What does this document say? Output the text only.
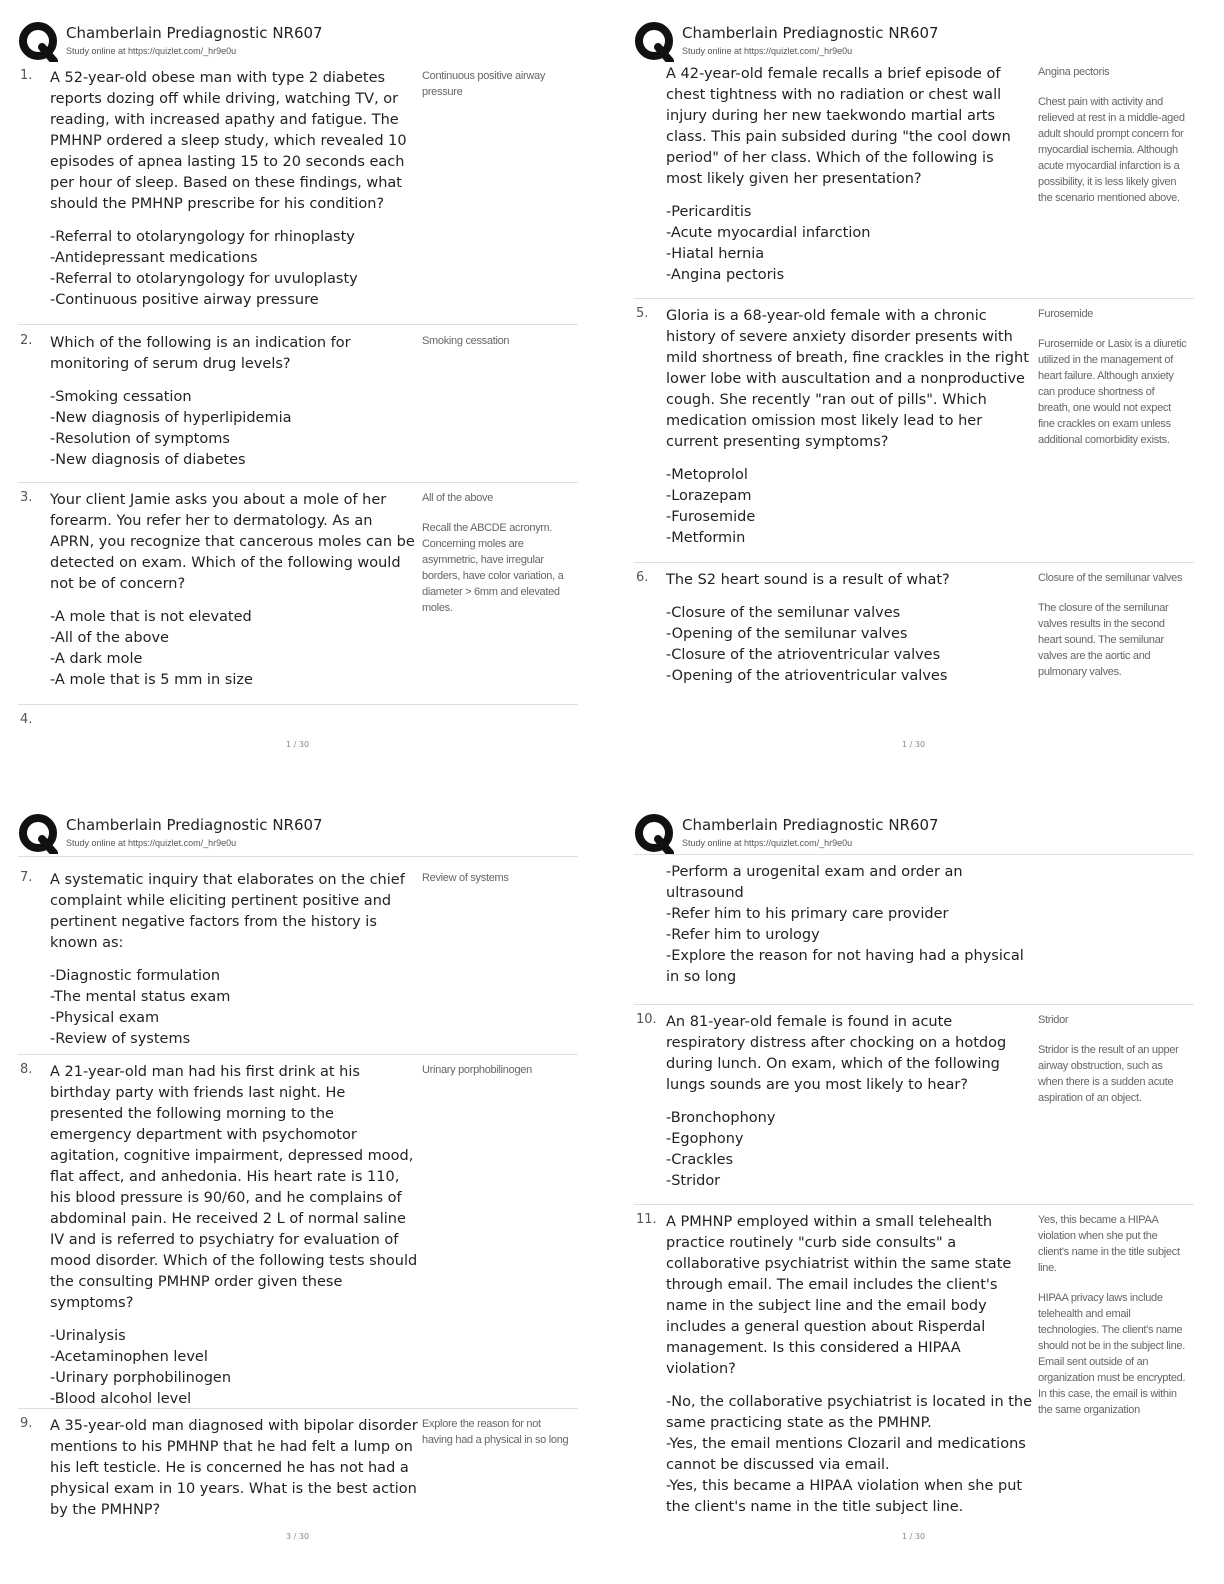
Chamberlain Prediagnostic NR607
Study online at https://quizlet.com/_hr9e0u
1. A 52-year-old obese man with type 2 diabetes reports dozing off while driving, watching TV, or reading, with increased apathy and fatigue. The PMHNP ordered a sleep study, which revealed 10 episodes of apnea lasting 15 to 20 seconds each per hour of sleep. Based on these findings, what should the PMHNP prescribe for his condition?
-Referral to otolaryngology for rhinoplasty
-Antidepressant medications
-Referral to otolaryngology for uvuloplasty
-Continuous positive airway pressure
Continuous positive airway pressure
2. Which of the following is an indication for monitoring of serum drug levels?
-Smoking cessation
-New diagnosis of hyperlipidemia
-Resolution of symptoms
-New diagnosis of diabetes
Smoking cessation
3. Your client Jamie asks you about a mole of her forearm. You refer her to dermatology. As an APRN, you recognize that cancerous moles can be detected on exam. Which of the following would not be of concern?
-A mole that is not elevated
-All of the above
-A dark mole
-A mole that is 5 mm in size
All of the above
Recall the ABCDE acronym. Concerning moles are asymmetric, have irregular borders, have color variation, a diameter > 6mm and elevated moles.
4.
1 / 30
Chamberlain Prediagnostic NR607
Study online at https://quizlet.com/_hr9e0u
A 42-year-old female recalls a brief episode of chest tightness with no radiation or chest wall injury during her new taekwondo martial arts class. This pain subsided during "the cool down period" of her class. Which of the following is most likely given her presentation?
-Pericarditis
-Acute myocardial infarction
-Hiatal hernia
-Angina pectoris
Angina pectoris
Chest pain with activity and relieved at rest in a middle-aged adult should prompt concern for myocardial ischemia. Although acute myocardial infarction is a possibility, it is less likely given the scenario mentioned above.
5. Gloria is a 68-year-old female with a chronic history of severe anxiety disorder presents with mild shortness of breath, fine crackles in the right lower lobe with auscultation and a nonproductive cough. She recently "ran out of pills". Which medication omission most likely lead to her current presenting symptoms?
-Metoprolol
-Lorazepam
-Furosemide
-Metformin
Furosemide
Furosemide or Lasix is a diuretic utilized in the management of heart failure. Although anxiety can produce shortness of breath, one would not expect fine crackles on exam unless additional comorbidity exists.
6. The S2 heart sound is a result of what?
-Closure of the semilunar valves
-Opening of the semilunar valves
-Closure of the atrioventricular valves
-Opening of the atrioventricular valves
Closure of the semilunar valves
The closure of the semilunar valves results in the second heart sound. The semilunar valves are the aortic and pulmonary valves.
1 / 30
Chamberlain Prediagnostic NR607
Study online at https://quizlet.com/_hr9e0u
7. A systematic inquiry that elaborates on the chief complaint while eliciting pertinent positive and pertinent negative factors from the history is known as:
-Diagnostic formulation
-The mental status exam
-Physical exam
-Review of systems
Review of systems
8. A 21-year-old man had his first drink at his birthday party with friends last night. He presented the following morning to the emergency department with psychomotor agitation, cognitive impairment, depressed mood, flat affect, and anhedonia. His heart rate is 110, his blood pressure is 90/60, and he complains of abdominal pain. He received 2 L of normal saline IV and is referred to psychiatry for evaluation of mood disorder. Which of the following tests should the consulting PMHNP order given these symptoms?
-Urinalysis
-Acetaminophen level
-Urinary porphobilinogen
-Blood alcohol level
Urinary porphobilinogen
9. A 35-year-old man diagnosed with bipolar disorder mentions to his PMHNP that he had felt a lump on his left testicle. He is concerned he has not had a physical exam in 10 years. What is the best action by the PMHNP?
Explore the reason for not having had a physical in so long
3 / 30
Chamberlain Prediagnostic NR607
Study online at https://quizlet.com/_hr9e0u
-Perform a urogenital exam and order an ultrasound
-Refer him to his primary care provider
-Refer him to urology
-Explore the reason for not having had a physical in so long
10. An 81-year-old female is found in acute respiratory distress after chocking on a hotdog during lunch. On exam, which of the following lungs sounds are you most likely to hear?
-Bronchophony
-Egophony
-Crackles
-Stridor
Stridor
Stridor is the result of an upper airway obstruction, such as when there is a sudden acute aspiration of an object.
11. A PMHNP employed within a small telehealth practice routinely "curb side consults" a collaborative psychiatrist within the same state through email. The email includes the client's name in the subject line and the email body includes a general question about Risperdal management. Is this considered a HIPAA violation?
-No, the collaborative psychiatrist is located in the same practicing state as the PMHNP.
-Yes, the email mentions Clozaril and medications cannot be discussed via email.
-Yes, this became a HIPAA violation when she put the client's name in the title subject line.
Yes, this became a HIPAA violation when she put the client's name in the title subject line.
HIPAA privacy laws include telehealth and email technologies. The client's name should not be in the subject line. Email sent outside of an organization must be encrypted. In this case, the email is within the same organization
1 / 30
